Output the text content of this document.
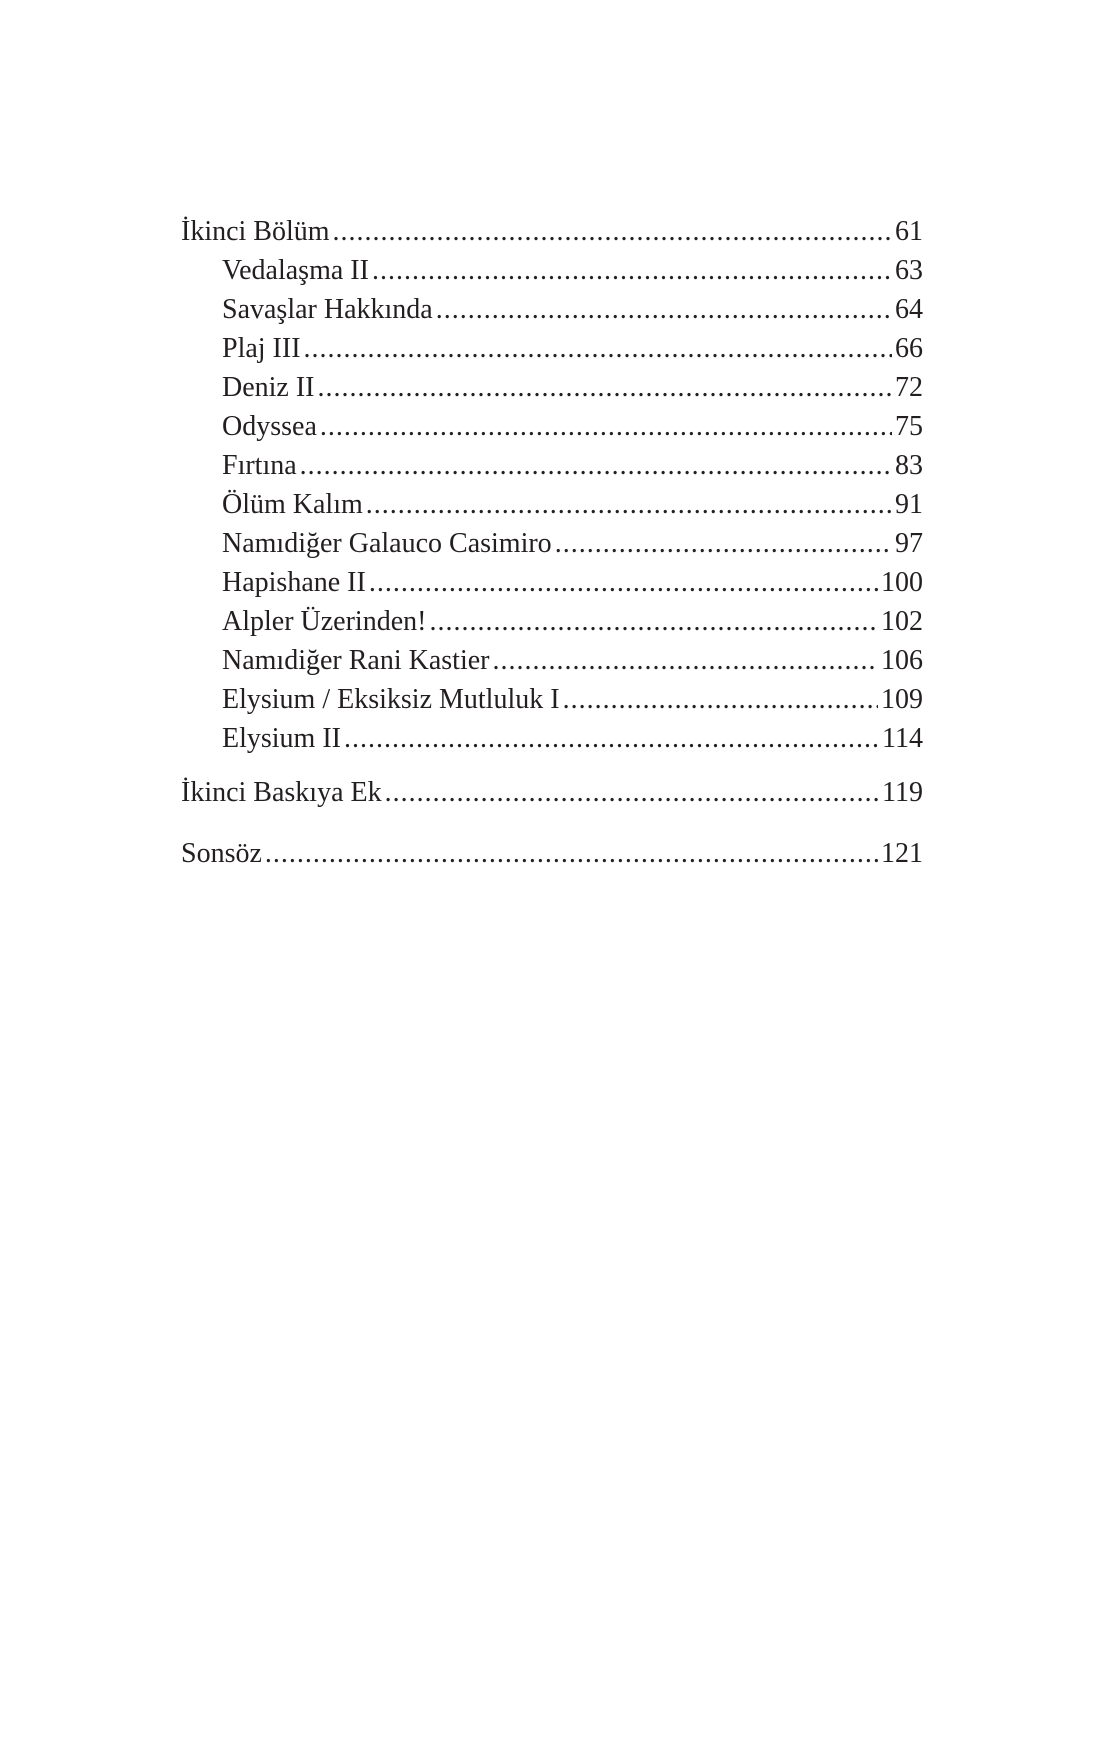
İkinci Bölüm .....	61
Vedalaşma II .....	63
Savaşlar Hakkında .....	64
Plaj III .....	66
Deniz II .....	72
Odyssea .....	75
Fırtına .....	83
Ölüm Kalım .....	91
Namıdiğer Galauco Casimiro .....	97
Hapishane II .....	100
Alpler Üzerinden! .....	102
Namıdiğer Rani Kastier .....	106
Elysium / Eksiksiz Mutluluk I .....	109
Elysium II .....	114
İkinci Baskıya Ek .....	119
Sonsöz .....	121
